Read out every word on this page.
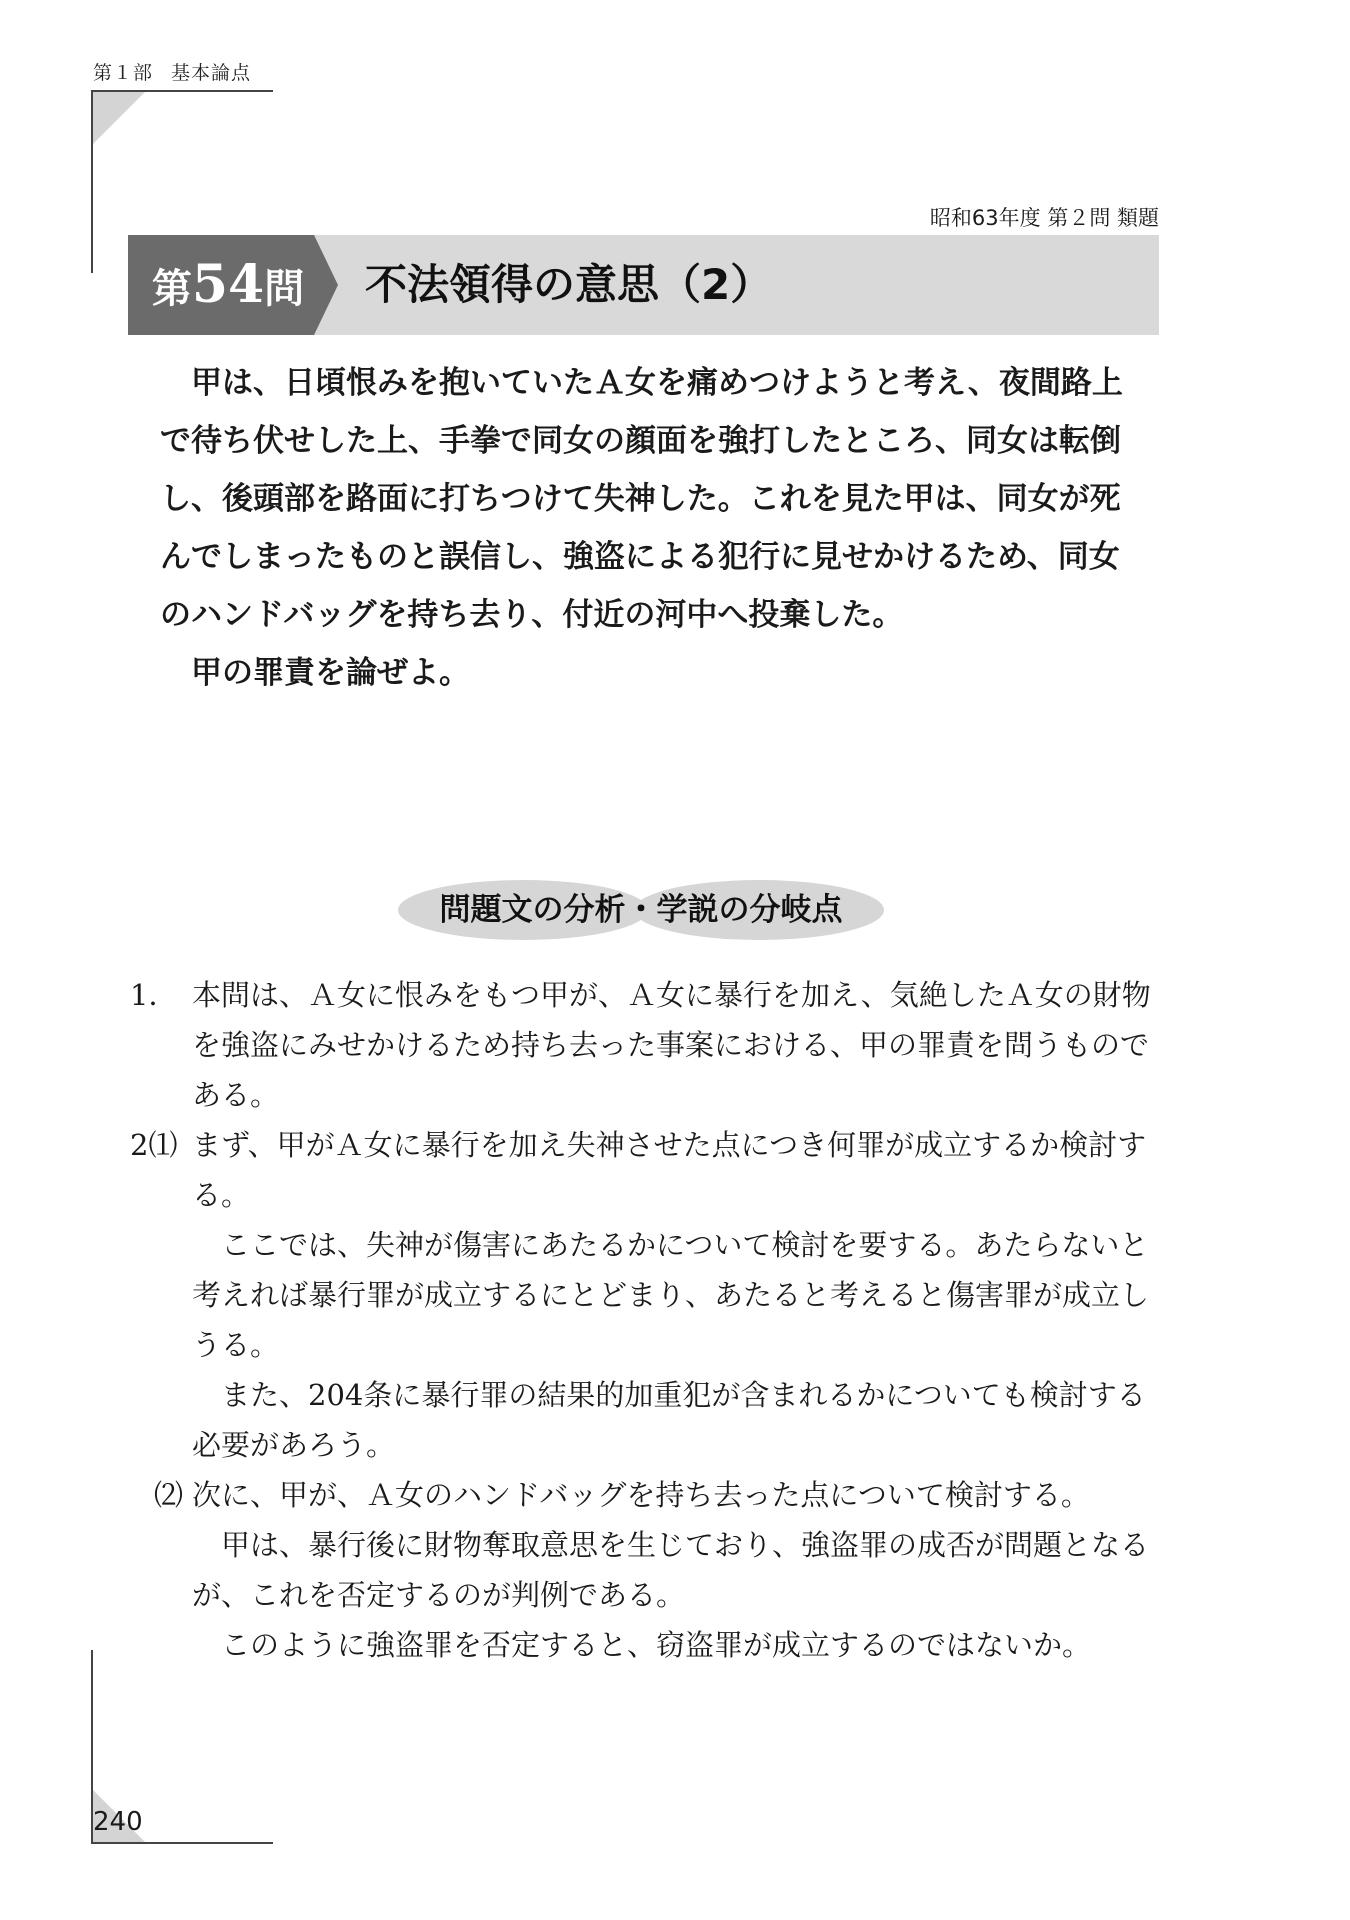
第１部 基本論点
昭和63年度 第２問 類題
第54問	不法領得の意思（2）

甲は、日頃恨みを抱いていたＡ女を痛めつけようと考え、夜間路上で待ち伏せした上、手拳で同女の顔面を強打したところ、同女は転倒し、後頭部を路面に打ちつけて失神した。これを見た甲は、同女が死んでしまったものと誤信し、強盗による犯行に見せかけるため、同女のハンドバッグを持ち去り、付近の河中へ投棄した。

甲の罪責を論ぜよ。

問題文の分析・学説の分岐点
1． 本問は、Ａ女に恨みをもつ甲が、Ａ女に暴行を加え、気絶したＡ女の財物を強盗にみせかけるため持ち去った事案における、甲の罪責を問うものである。

2⑴ まず、甲がＡ女に暴行を加え失神させた点につき何罪が成立するか検討する。

ここでは、失神が傷害にあたるかについて検討を要する。あたらないと考えれば暴行罪が成立するにとどまり、あたると考えると傷害罪が成立しうる。

また、204条に暴行罪の結果的加重犯が含まれるかについても検討する必要があろう。

⑵ 次に、甲が、Ａ女のハンドバッグを持ち去った点について検討する。

甲は、暴行後に財物奪取意思を生じており、強盗罪の成否が問題となるが、これを否定するのが判例である。

このように強盗罪を否定すると、窃盗罪が成立するのではないか。

240
